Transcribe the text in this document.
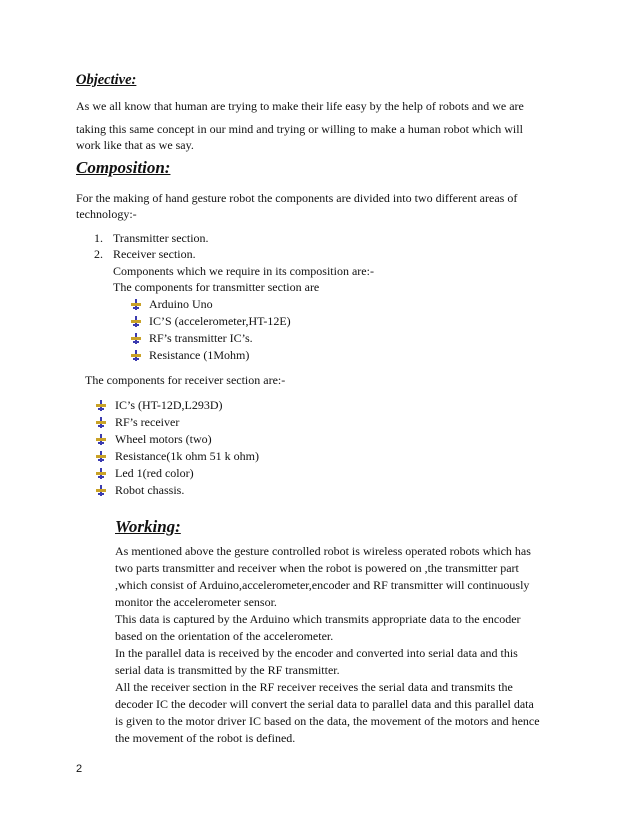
Objective:
As we all know that human are trying to make their life easy by the help of robots and we are
taking this same concept in our mind and trying or willing to make a human robot which will
work like that as we say.
Composition:
For the making of hand gesture robot the components are divided into two different areas of
technology:-
1. Transmitter section.
2. Receiver section.
Components which we require in its composition are:-
The components for transmitter section are
Arduino Uno
IC’S (accelerometer,HT-12E)
RF’s transmitter IC’s.
Resistance (1Mohm)
The components for receiver section are:-
IC’s (HT-12D,L293D)
RF’s receiver
Wheel motors (two)
Resistance(1k ohm 51 k ohm)
Led 1(red color)
Robot chassis.
Working:
As mentioned above the gesture controlled robot is wireless operated robots which has
two parts transmitter and receiver when the robot is powered on ,the transmitter part
,which consist of Arduino,accelerometer,encoder and RF transmitter will continuously
monitor the accelerometer sensor.
This data is captured by the Arduino which transmits appropriate data to the encoder
based on the orientation of the accelerometer.
In the parallel data is received by the encoder and converted into serial data and this
serial data is transmitted by the RF transmitter.
All the receiver section in the RF receiver receives the serial data and transmits the
decoder IC the decoder will convert the serial data to parallel data and this parallel data
is given to the motor driver IC based on the data, the movement of the motors and hence
the movement of the robot is defined.
2
